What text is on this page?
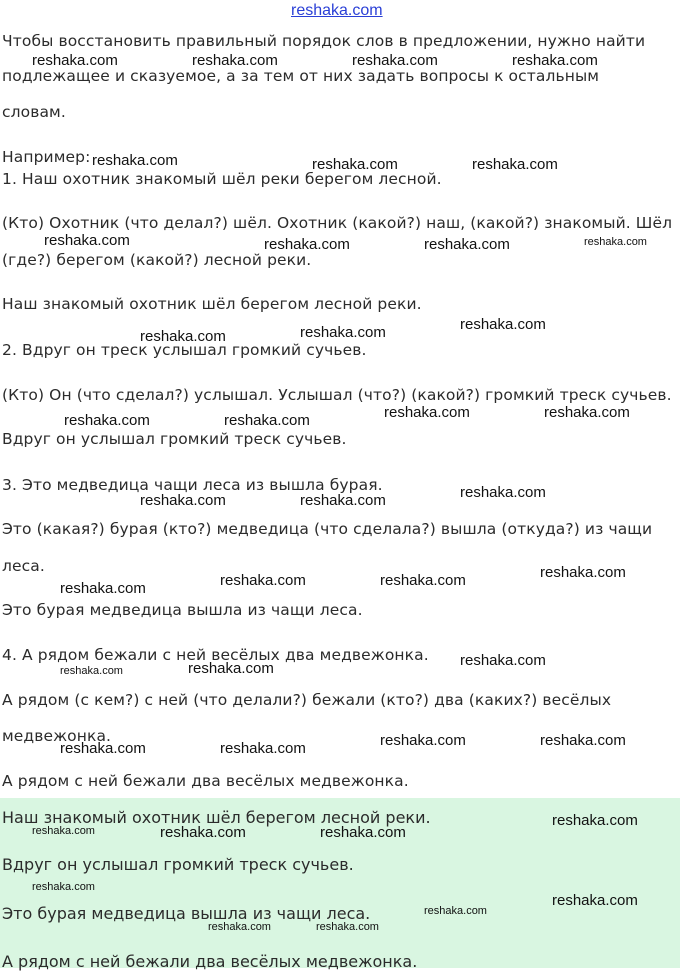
reshaka.com
Чтобы восстановить правильный порядок слов в предложении, нужно найти
подлежащее и сказуемое, а за тем от них задать вопросы к остальным
словам.
Например:
1. Наш охотник знакомый шёл реки берегом лесной.
(Кто) Охотник (что делал?) шёл. Охотник (какой?) наш, (какой?) знакомый. Шёл
(где?) берегом (какой?) лесной реки.
Наш знакомый охотник шёл берегом лесной реки.
2. Вдруг он треск услышал громкий сучьев.
(Кто) Он (что сделал?) услышал. Услышал (что?) (какой?) громкий треск сучьев.
Вдруг он услышал громкий треск сучьев.
3. Это медведица чащи леса из вышла бурая.
Это (какая?) бурая (кто?) медведица (что сделала?) вышла (откуда?) из чащи
леса.
Это бурая медведица вышла из чащи леса.
4. А рядом бежали с ней весёлых два медвежонка.
А рядом (с кем?) с ней (что делали?) бежали (кто?) два (каких?) весёлых
медвежонка.
А рядом с ней бежали два весёлых медвежонка.
Наш знакомый охотник шёл берегом лесной реки.
Вдруг он услышал громкий треск сучьев.
Это бурая медведица вышла из чащи леса.
А рядом с ней бежали два весёлых медвежонка.
reshaka.com	reshaka.com	reshaka.com	reshaka.com
reshaka.com	reshaka.com	reshaka.com
reshaka.com	reshaka.com	reshaka.com	reshaka.com
reshaka.com	reshaka.com	reshaka.com
reshaka.com	reshaka.com	reshaka.com	reshaka.com
reshaka.com	reshaka.com	reshaka.com
reshaka.com	reshaka.com	reshaka.com	reshaka.com
reshaka.com	reshaka.com	reshaka.com
reshaka.com	reshaka.com	reshaka.com	reshaka.com
reshaka.com	reshaka.com	reshaka.com
reshaka.com
reshaka.com
reshaka.com
reshaka.com
reshaka.com	reshaka.com
